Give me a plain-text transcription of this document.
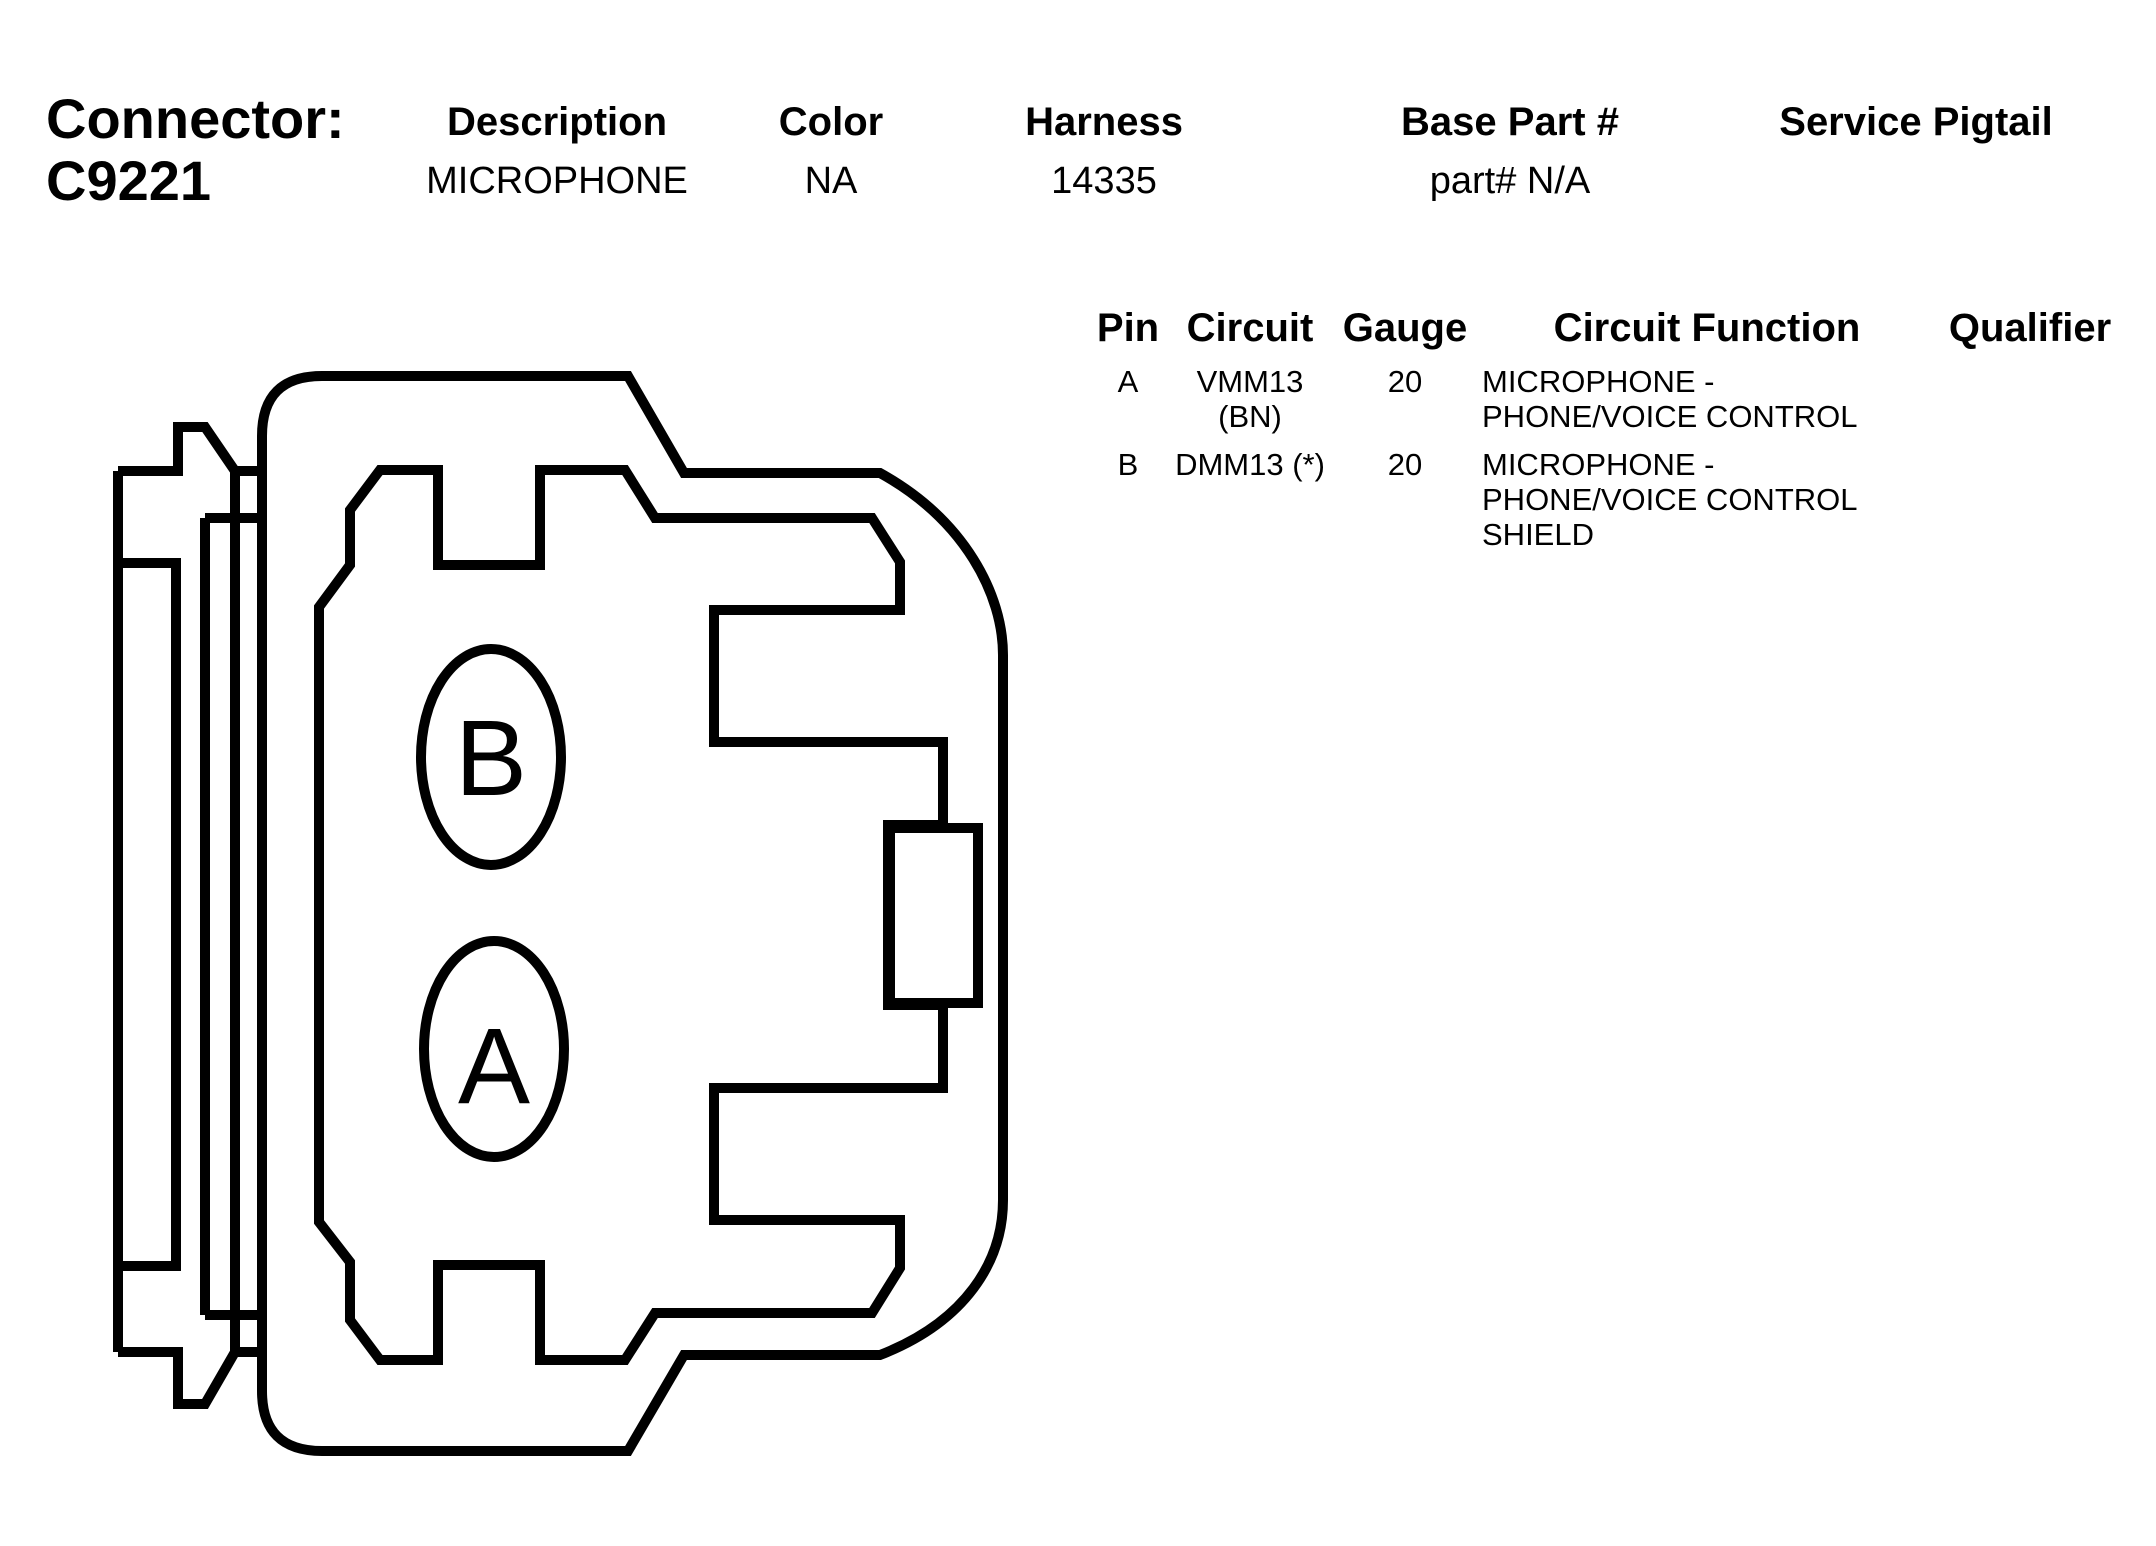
Connector:
C9221
Description
MICROPHONE
Color
NA
Harness
14335
Base Part #
part# N/A
Service Pigtail
Pin Circuit Gauge Circuit Function Qualifier
A VMM13
(BN)
20 MICROPHONE -
PHONE/VOICE CONTROL
B DMM13 (*) 20 MICROPHONE -
PHONE/VOICE CONTROL
SHIELD
B
A
